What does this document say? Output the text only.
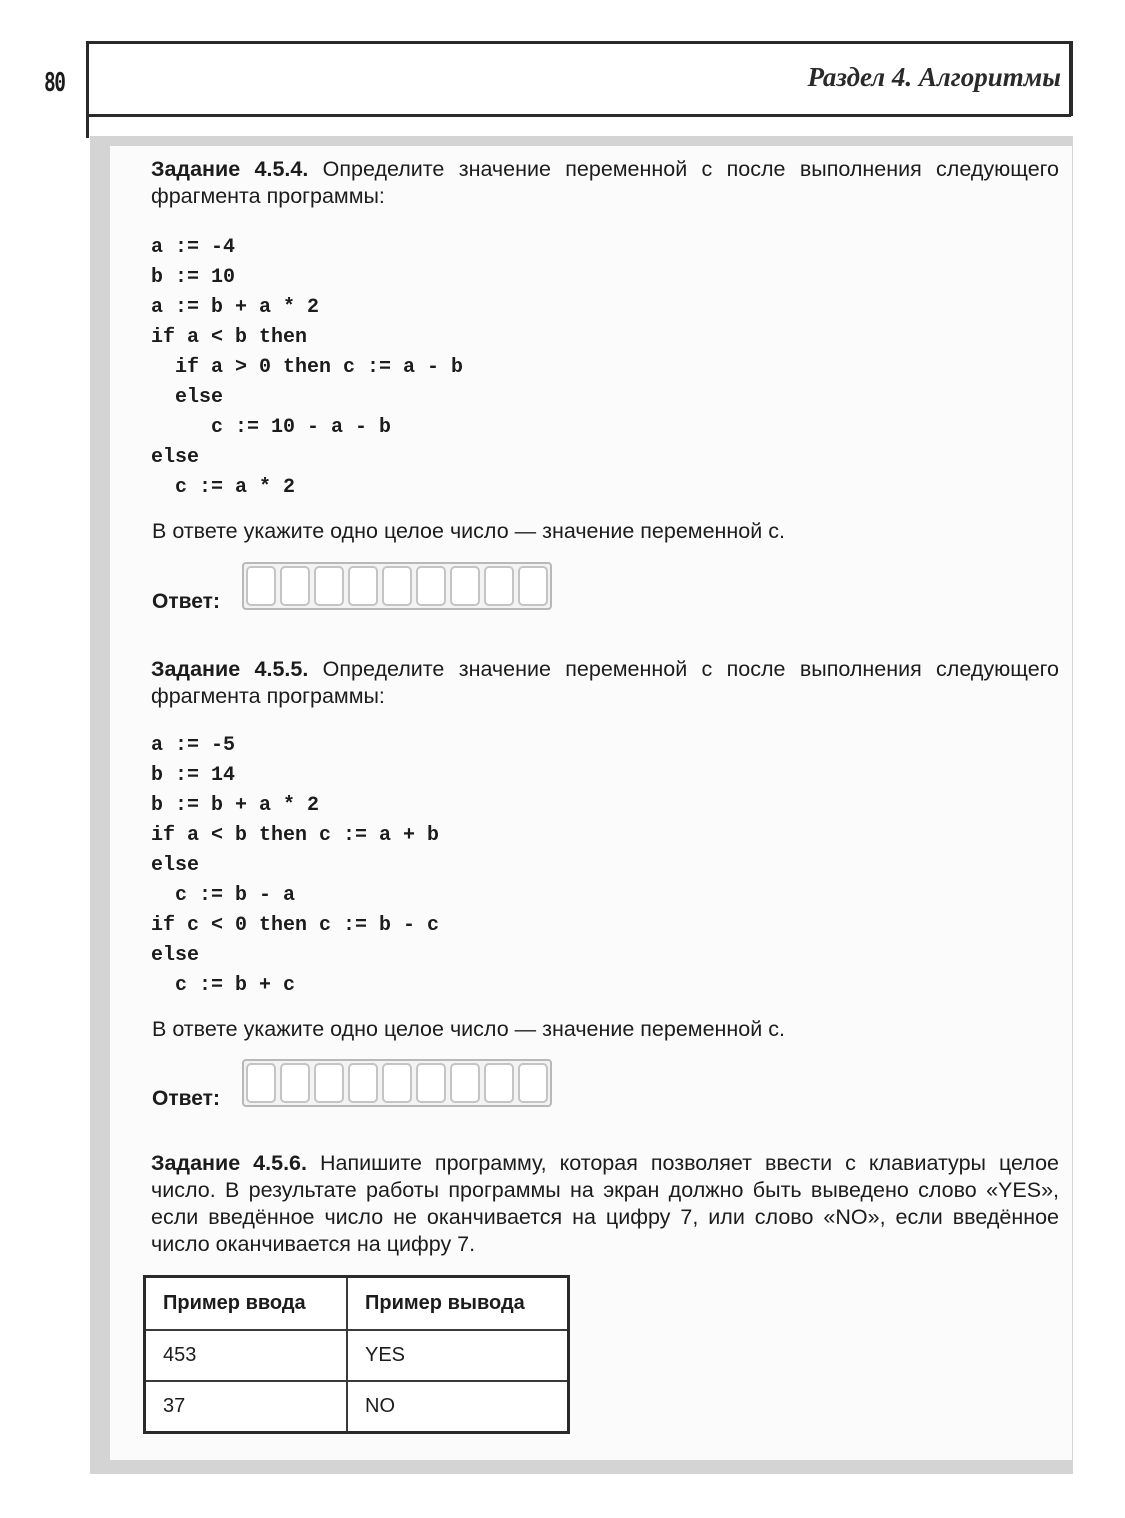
80	Раздел 4. Алгоритмы
Задание 4.5.4. Определите значение переменной c после выполнения следующего фрагмента программы:
a := -4
b := 10
a := b + a * 2
if a < b then
if a > 0 then c := a - b
else
c := 10 - a - b
else
c := a * 2
В ответе укажите одно целое число — значение переменной c.
Ответ:
Задание 4.5.5. Определите значение переменной c после выполнения следующего фрагмента программы:
a := -5
b := 14
b := b + a * 2
if a < b then c := a + b
else
c := b - a
if c < 0 then c := b - c
else
c := b + c
В ответе укажите одно целое число — значение переменной c.
Ответ:
Задание 4.5.6. Напишите программу, которая позволяет ввести с клавиатуры целое число. В результате работы программы на экран должно быть выведено слово «YES», если введённое число не оканчивается на цифру 7, или слово «NO», если введённое число оканчивается на цифру 7.
Пример ввода	Пример вывода
453	YES
37	NO
